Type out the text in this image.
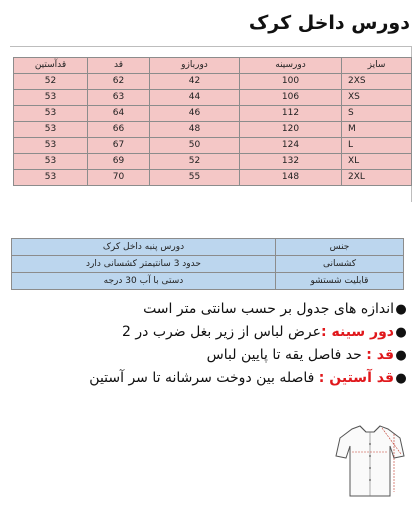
دورس داخل کرک
سایز	دورسینه	دوربازو	قد	قدآستین
2XS	100	42	62	52
XS	106	44	63	53
S	112	46	64	53
M	120	48	66	53
L	124	50	67	53
XL	132	52	69	53
2XL	148	55	70	53
جنس	دورس پنبه داخل کرک
کشسانی	حدود 3 سانتیمتر کشسانی دارد
قابلیت شستشو	دستی با آب 30 درجه
●اندازه های جدول بر حسب سانتی متر است
●دور سینه :عرض لباس از زیر بغل ضرب در 2
●قد : حد فاصل یقه تا پایین لباس
●قد آستین : فاصله بین دوخت سرشانه تا سر آستین
